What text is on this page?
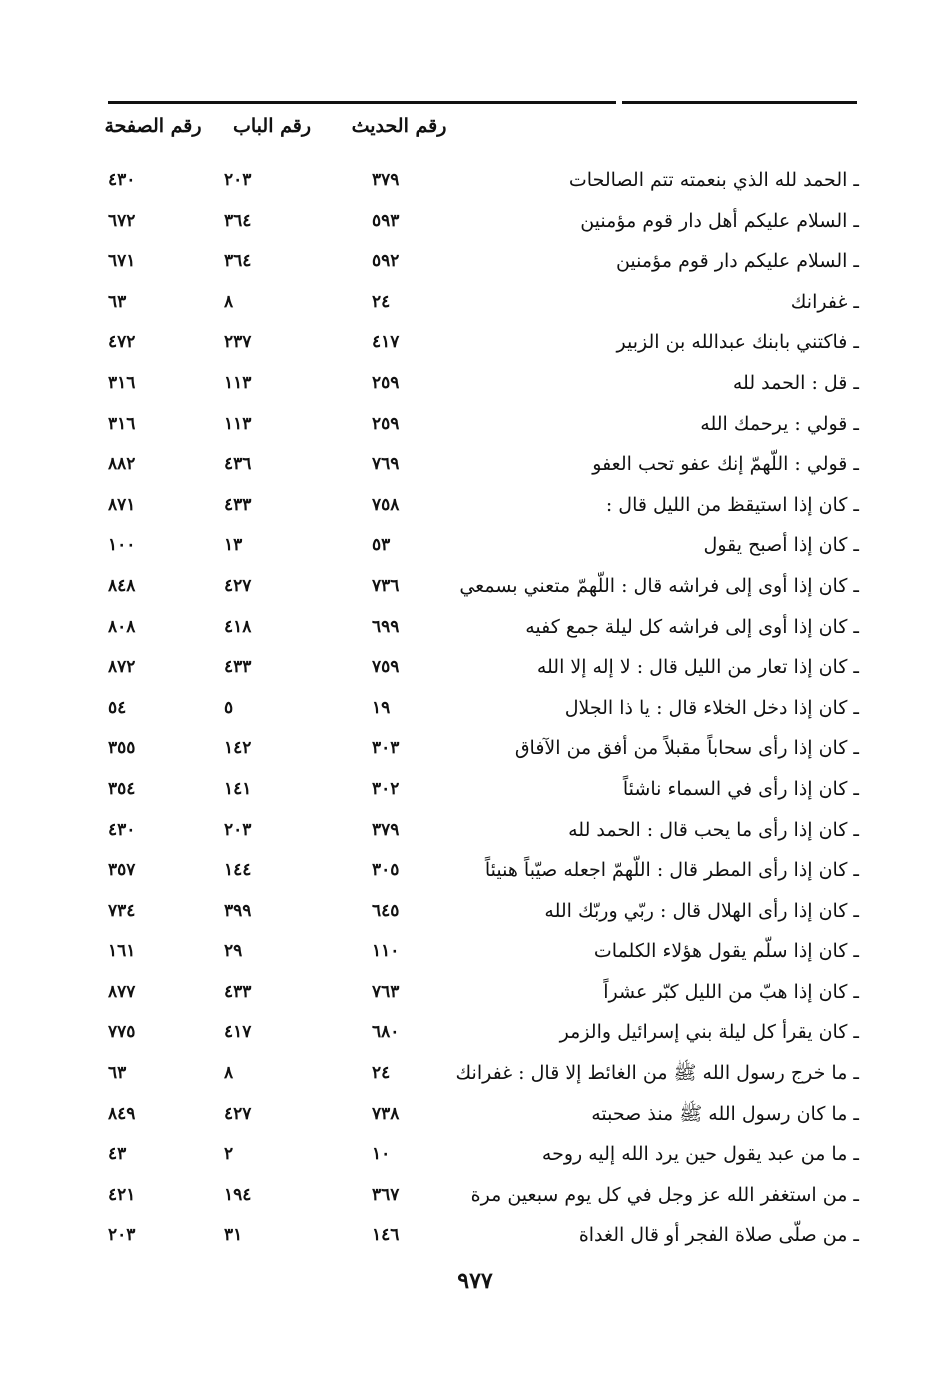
رقم الحديث
رقم الباب
رقم الصفحة
ـ الحمد لله الذي بنعمته تتم الصالحات
٣٧٩
٢٠٣
٤٣٠
ـ السلام عليكم أهل دار قوم مؤمنين
٥٩٣
٣٦٤
٦٧٢
ـ السلام عليكم دار قوم مؤمنين
٥٩٢
٣٦٤
٦٧١
ـ غفرانك
٢٤
٨
٦٣
ـ فاكتني بابنك عبدالله بن الزبير
٤١٧
٢٣٧
٤٧٢
ـ قل : الحمد لله
٢٥٩
١١٣
٣١٦
ـ قولي : يرحمك الله
٢٥٩
١١٣
٣١٦
ـ قولي : اللّهمّ إنك عفو تحب العفو
٧٦٩
٤٣٦
٨٨٢
ـ كان إذا استيقظ من الليل قال :
٧٥٨
٤٣٣
٨٧١
ـ كان إذا أصبح يقول
٥٣
١٣
١٠٠
ـ كان إذا أوى إلى فراشه قال : اللّهمّ متعني بسمعي
٧٣٦
٤٢٧
٨٤٨
ـ كان إذا أوى إلى فراشه كل ليلة جمع كفيه
٦٩٩
٤١٨
٨٠٨
ـ كان إذا تعار من الليل قال : لا إله إلا الله
٧٥٩
٤٣٣
٨٧٢
ـ كان إذا دخل الخلاء قال : يا ذا الجلال
١٩
٥
٥٤
ـ كان إذا رأى سحاباً مقبلاً من أفق من الآفاق
٣٠٣
١٤٢
٣٥٥
ـ كان إذا رأى في السماء ناشئاً
٣٠٢
١٤١
٣٥٤
ـ كان إذا رأى ما يحب قال : الحمد لله
٣٧٩
٢٠٣
٤٣٠
ـ كان إذا رأى المطر قال : اللّهمّ اجعله صيّباً هنيئاً
٣٠٥
١٤٤
٣٥٧
ـ كان إذا رأى الهلال قال : ربّي وربّك الله
٦٤٥
٣٩٩
٧٣٤
ـ كان إذا سلّم يقول هؤلاء الكلمات
١١٠
٢٩
١٦١
ـ كان إذا هبّ من الليل كبّر عشراً
٧٦٣
٤٣٣
٨٧٧
ـ كان يقرأ كل ليلة بني إسرائيل والزمر
٦٨٠
٤١٧
٧٧٥
ـ ما خرج رسول الله ﷺ من الغائط إلا قال : غفرانك
٢٤
٨
٦٣
ـ ما كان رسول الله ﷺ منذ صحبته
٧٣٨
٤٢٧
٨٤٩
ـ ما من عبد يقول حين يرد الله إليه روحه
١٠
٢
٤٣
ـ من استغفر الله عز وجل في كل يوم سبعين مرة
٣٦٧
١٩٤
٤٢١
ـ من صلّى صلاة الفجر أو قال الغداة
١٤٦
٣١
٢٠٣
٩٧٧
